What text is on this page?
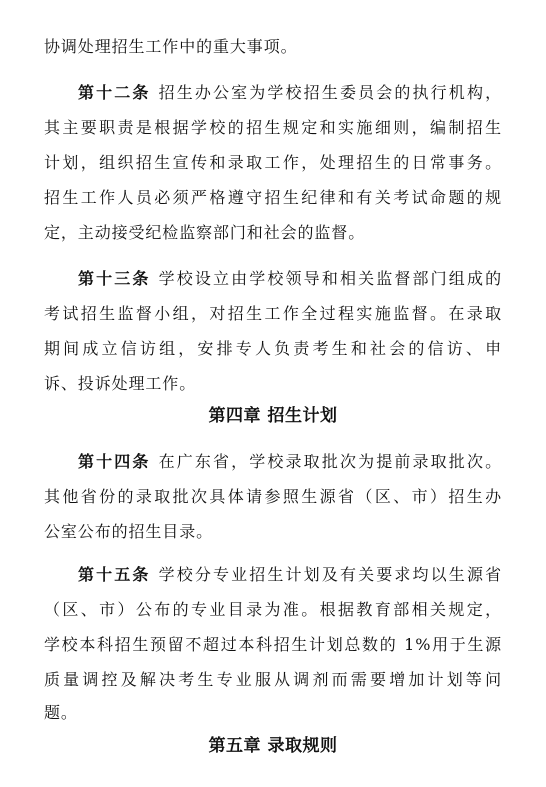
协调处理招生工作中的重大事项。
第十二条 招生办公室为学校招生委员会的执行机构，
其主要职责是根据学校的招生规定和实施细则，编制招生
计划，组织招生宣传和录取工作，处理招生的日常事务。
招生工作人员必须严格遵守招生纪律和有关考试命题的规
定，主动接受纪检监察部门和社会的监督。
第十三条 学校设立由学校领导和相关监督部门组成的
考试招生监督小组，对招生工作全过程实施监督。在录取
期间成立信访组，安排专人负责考生和社会的信访、申
诉、投诉处理工作。
第四章 招生计划
第十四条 在广东省，学校录取批次为提前录取批次。
其他省份的录取批次具体请参照生源省（区、市）招生办
公室公布的招生目录。
第十五条 学校分专业招生计划及有关要求均以生源省
（区、市）公布的专业目录为准。根据教育部相关规定，
学校本科招生预留不超过本科招生计划总数的 1%用于生源
质量调控及解决考生专业服从调剂而需要增加计划等问
题。
第五章 录取规则
